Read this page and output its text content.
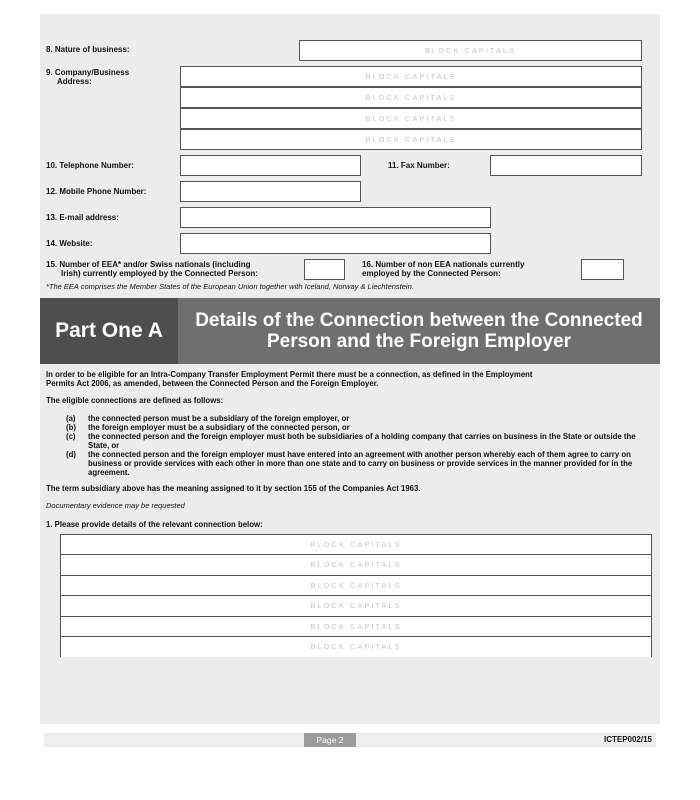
8. Nature of business:	BLOCK CAPITALS
9. Company/Business
Address:
BLOCK CAPITALS
BLOCK CAPITALS
BLOCK CAPITALS
BLOCK CAPITALS
10. Telephone Number:	11. Fax Number:
12. Mobile Phone Number:
13. E-mail address:
14. Website:
15. Number of EEA* and/or Swiss nationals (including
Irish) currently employed by the Connected Person:
16. Number of non EEA nationals currently
employed by the Connected Person:
*The EEA comprises the Member States of the European Union together with Iceland, Norway & Liechtenstein.
Part One A	Details of the Connection between the Connected Person and the Foreign Employer
In order to be eligible for an Intra-Company Transfer Employment Permit there must be a connection, as defined in the Employment
Permits Act 2006, as amended, between the Connected Person and the Foreign Employer.
The eligible connections are defined as follows:
(a)	the connected person must be a subsidiary of the foreign employer, or
(b)	the foreign employer must be a subsidiary of the connected person, or
(c)	the connected person and the foreign employer must both be subsidiaries of a holding company that carries on business in the State or outside the State, or
(d)	the connected person and the foreign employer must have entered into an agreement with another person whereby each of them agree to carry on business or provide services with each other in more than one state and to carry on business or provide services in the manner provided for in the agreement.
The term subsidiary above has the meaning assigned to it by section 155 of the Companies Act 1963.
Documentary evidence may be requested
1. Please provide details of the relevant connection below:
BLOCK CAPITALS
BLOCK CAPITALS
BLOCK CAPITALS
BLOCK CAPITALS
BLOCK CAPITALS
BLOCK CAPITALS
Page 2	ICTEP002/15
